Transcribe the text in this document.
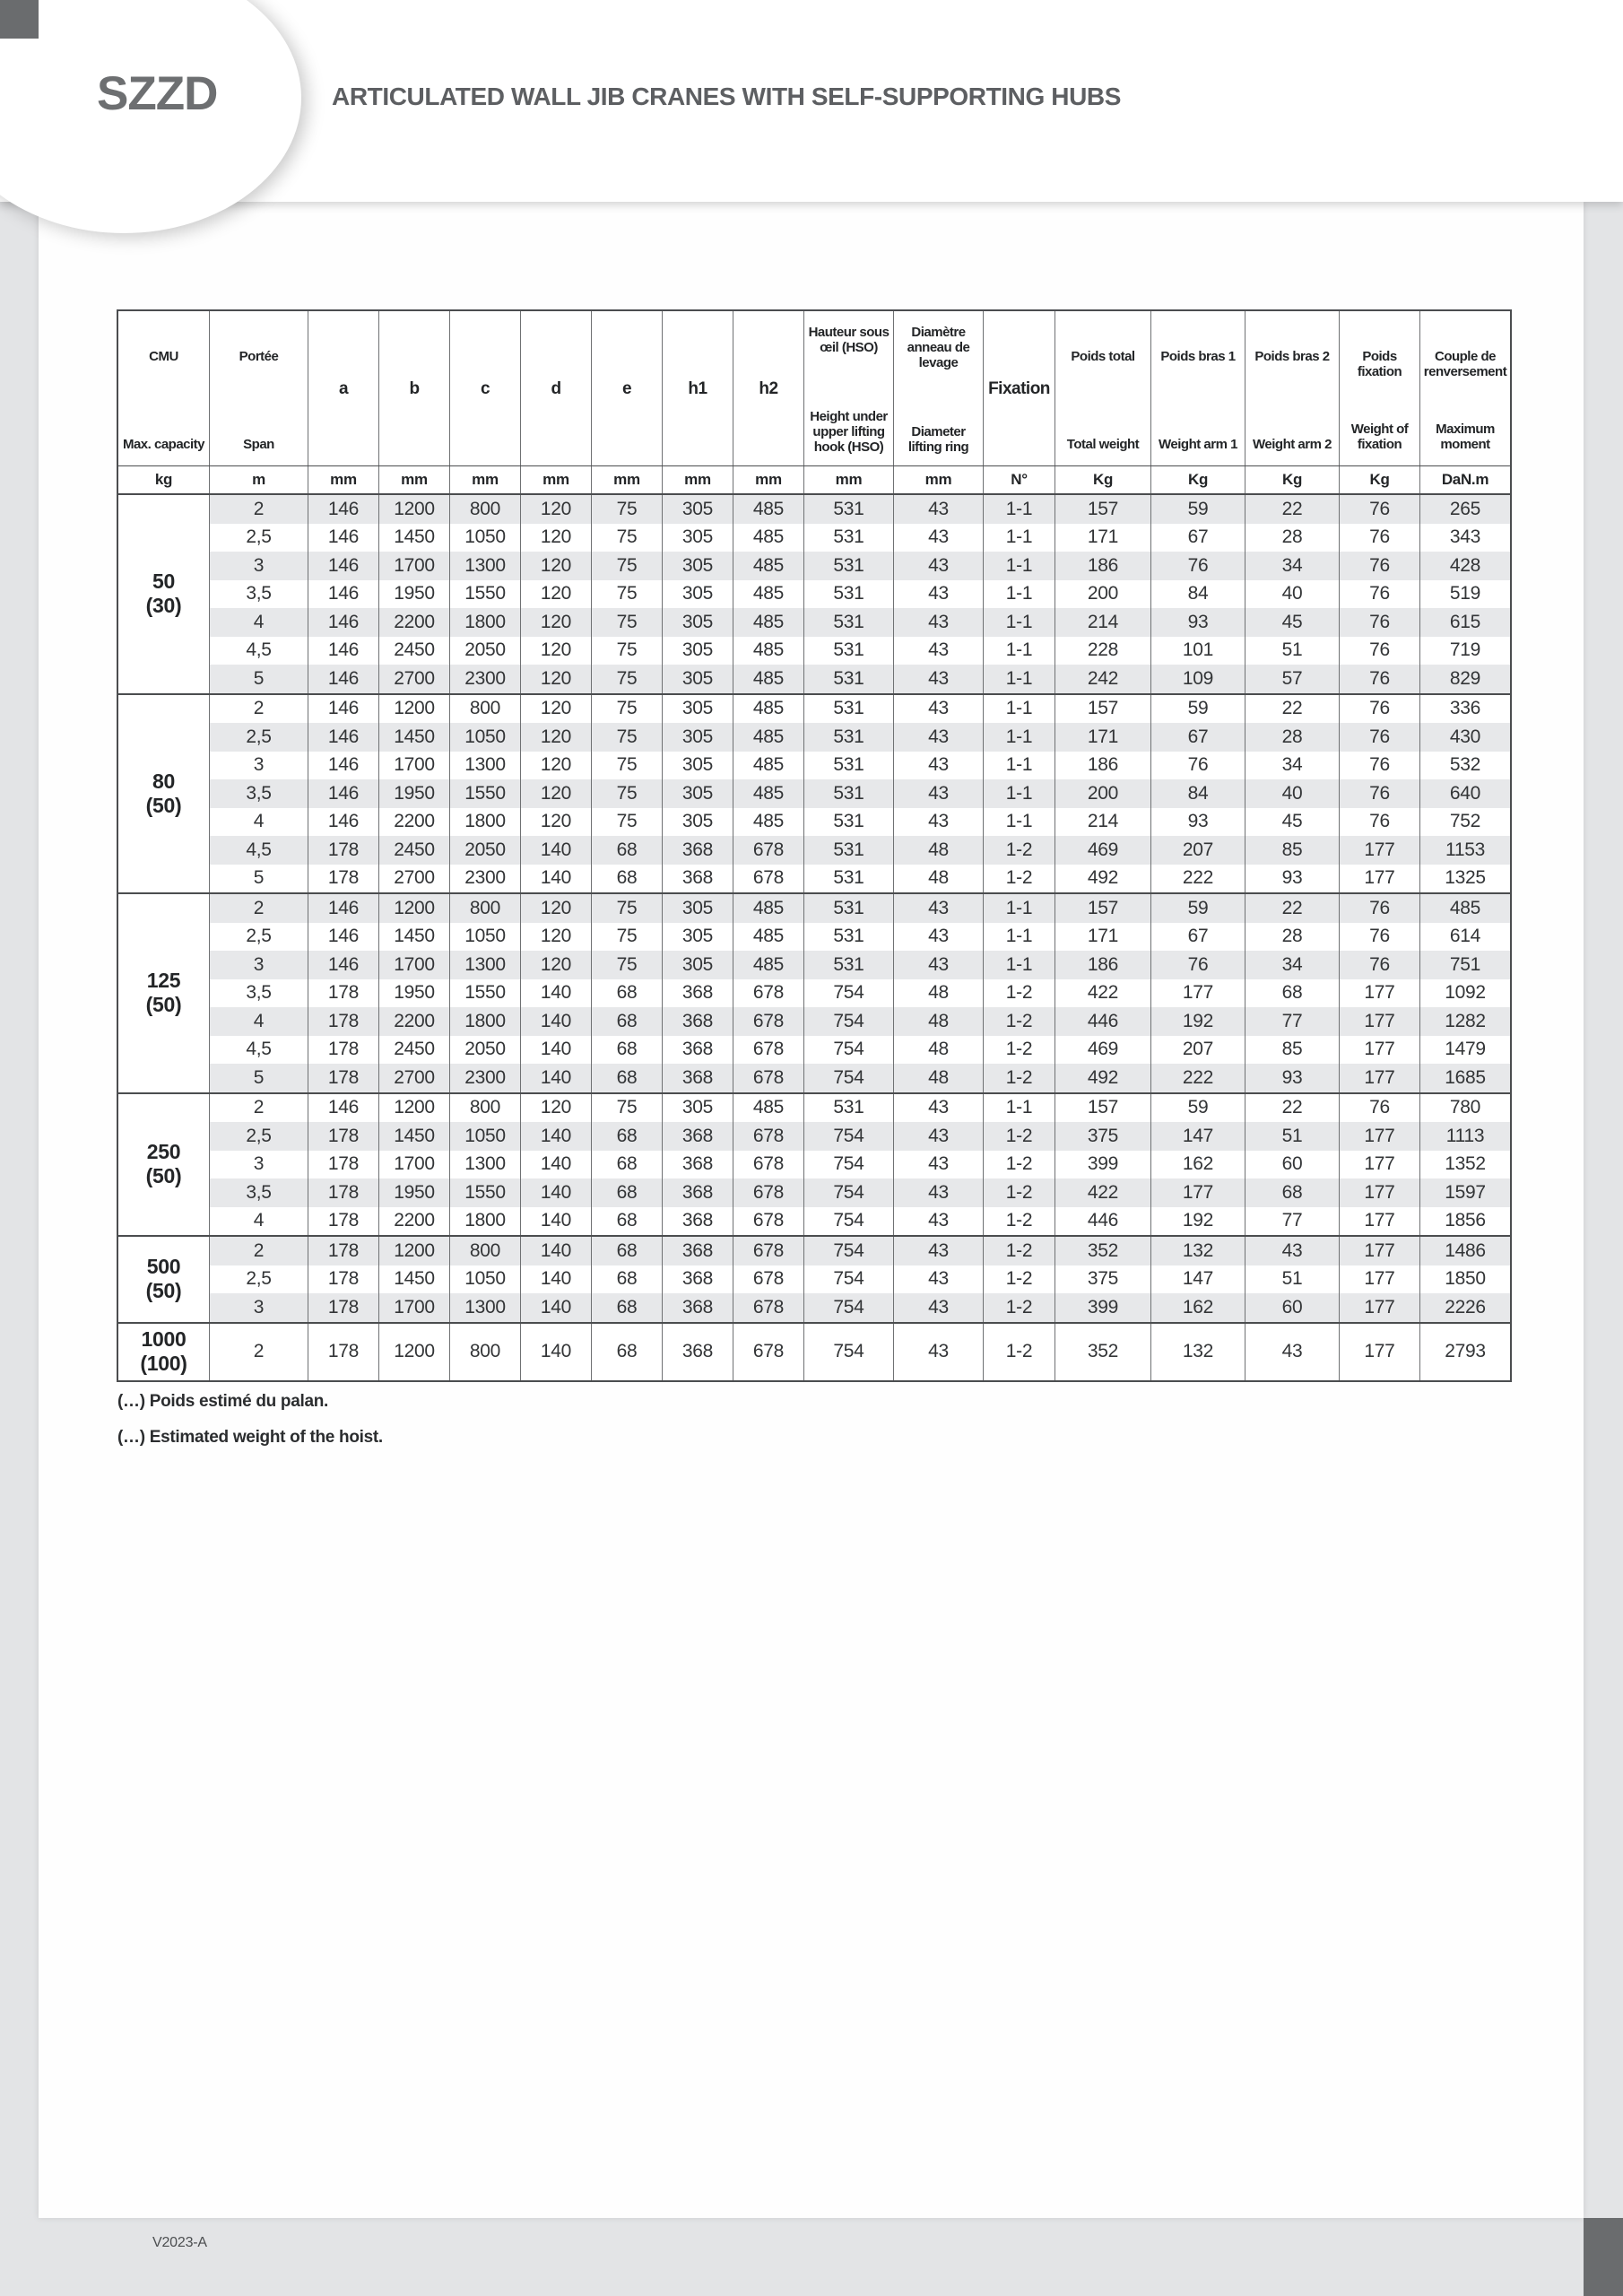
ARTICULATED WALL JIB CRANES WITH SELF-SUPPORTING HUBS
SZZD
CMU
Max. capacity
Portée
Span
a	b	c	d	e	h1	h2
Hauteur sous œil (HSO)
Height under upper lifting hook (HSO)
Diamètre anneau de levage
Diameter lifting ring
Fixation
Poids total
Total weight
Poids bras 1
Weight arm 1
Poids bras 2
Weight arm 2
Poids fixation
Weight of fixation
Couple de renversement
Maximum moment
kg	m	mm	mm	mm	mm	mm	mm	mm	mm	mm	N°	Kg	Kg	Kg	Kg	DaN.m
50
(30)
2	146	1200	800	120	75	305	485	531	43	1-1	157	59	22	76	265
2,5	146	1450	1050	120	75	305	485	531	43	1-1	171	67	28	76	343
3	146	1700	1300	120	75	305	485	531	43	1-1	186	76	34	76	428
3,5	146	1950	1550	120	75	305	485	531	43	1-1	200	84	40	76	519
4	146	2200	1800	120	75	305	485	531	43	1-1	214	93	45	76	615
4,5	146	2450	2050	120	75	305	485	531	43	1-1	228	101	51	76	719
5	146	2700	2300	120	75	305	485	531	43	1-1	242	109	57	76	829
80
(50)
2	146	1200	800	120	75	305	485	531	43	1-1	157	59	22	76	336
2,5	146	1450	1050	120	75	305	485	531	43	1-1	171	67	28	76	430
3	146	1700	1300	120	75	305	485	531	43	1-1	186	76	34	76	532
3,5	146	1950	1550	120	75	305	485	531	43	1-1	200	84	40	76	640
4	146	2200	1800	120	75	305	485	531	43	1-1	214	93	45	76	752
4,5	178	2450	2050	140	68	368	678	531	48	1-2	469	207	85	177	1153
5	178	2700	2300	140	68	368	678	531	48	1-2	492	222	93	177	1325
125
(50)
2	146	1200	800	120	75	305	485	531	43	1-1	157	59	22	76	485
2,5	146	1450	1050	120	75	305	485	531	43	1-1	171	67	28	76	614
3	146	1700	1300	120	75	305	485	531	43	1-1	186	76	34	76	751
3,5	178	1950	1550	140	68	368	678	754	48	1-2	422	177	68	177	1092
4	178	2200	1800	140	68	368	678	754	48	1-2	446	192	77	177	1282
4,5	178	2450	2050	140	68	368	678	754	48	1-2	469	207	85	177	1479
5	178	2700	2300	140	68	368	678	754	48	1-2	492	222	93	177	1685
250
(50)
2	146	1200	800	120	75	305	485	531	43	1-1	157	59	22	76	780
2,5	178	1450	1050	140	68	368	678	754	43	1-2	375	147	51	177	1113
3	178	1700	1300	140	68	368	678	754	43	1-2	399	162	60	177	1352
3,5	178	1950	1550	140	68	368	678	754	43	1-2	422	177	68	177	1597
4	178	2200	1800	140	68	368	678	754	43	1-2	446	192	77	177	1856
500
(50)
2	178	1200	800	140	68	368	678	754	43	1-2	352	132	43	177	1486
2,5	178	1450	1050	140	68	368	678	754	43	1-2	375	147	51	177	1850
3	178	1700	1300	140	68	368	678	754	43	1-2	399	162	60	177	2226
1000
(100)
2	178	1200	800	140	68	368	678	754	43	1-2	352	132	43	177	2793
(…) Poids estimé du palan.
(…) Estimated weight of the hoist.
V2023-A
